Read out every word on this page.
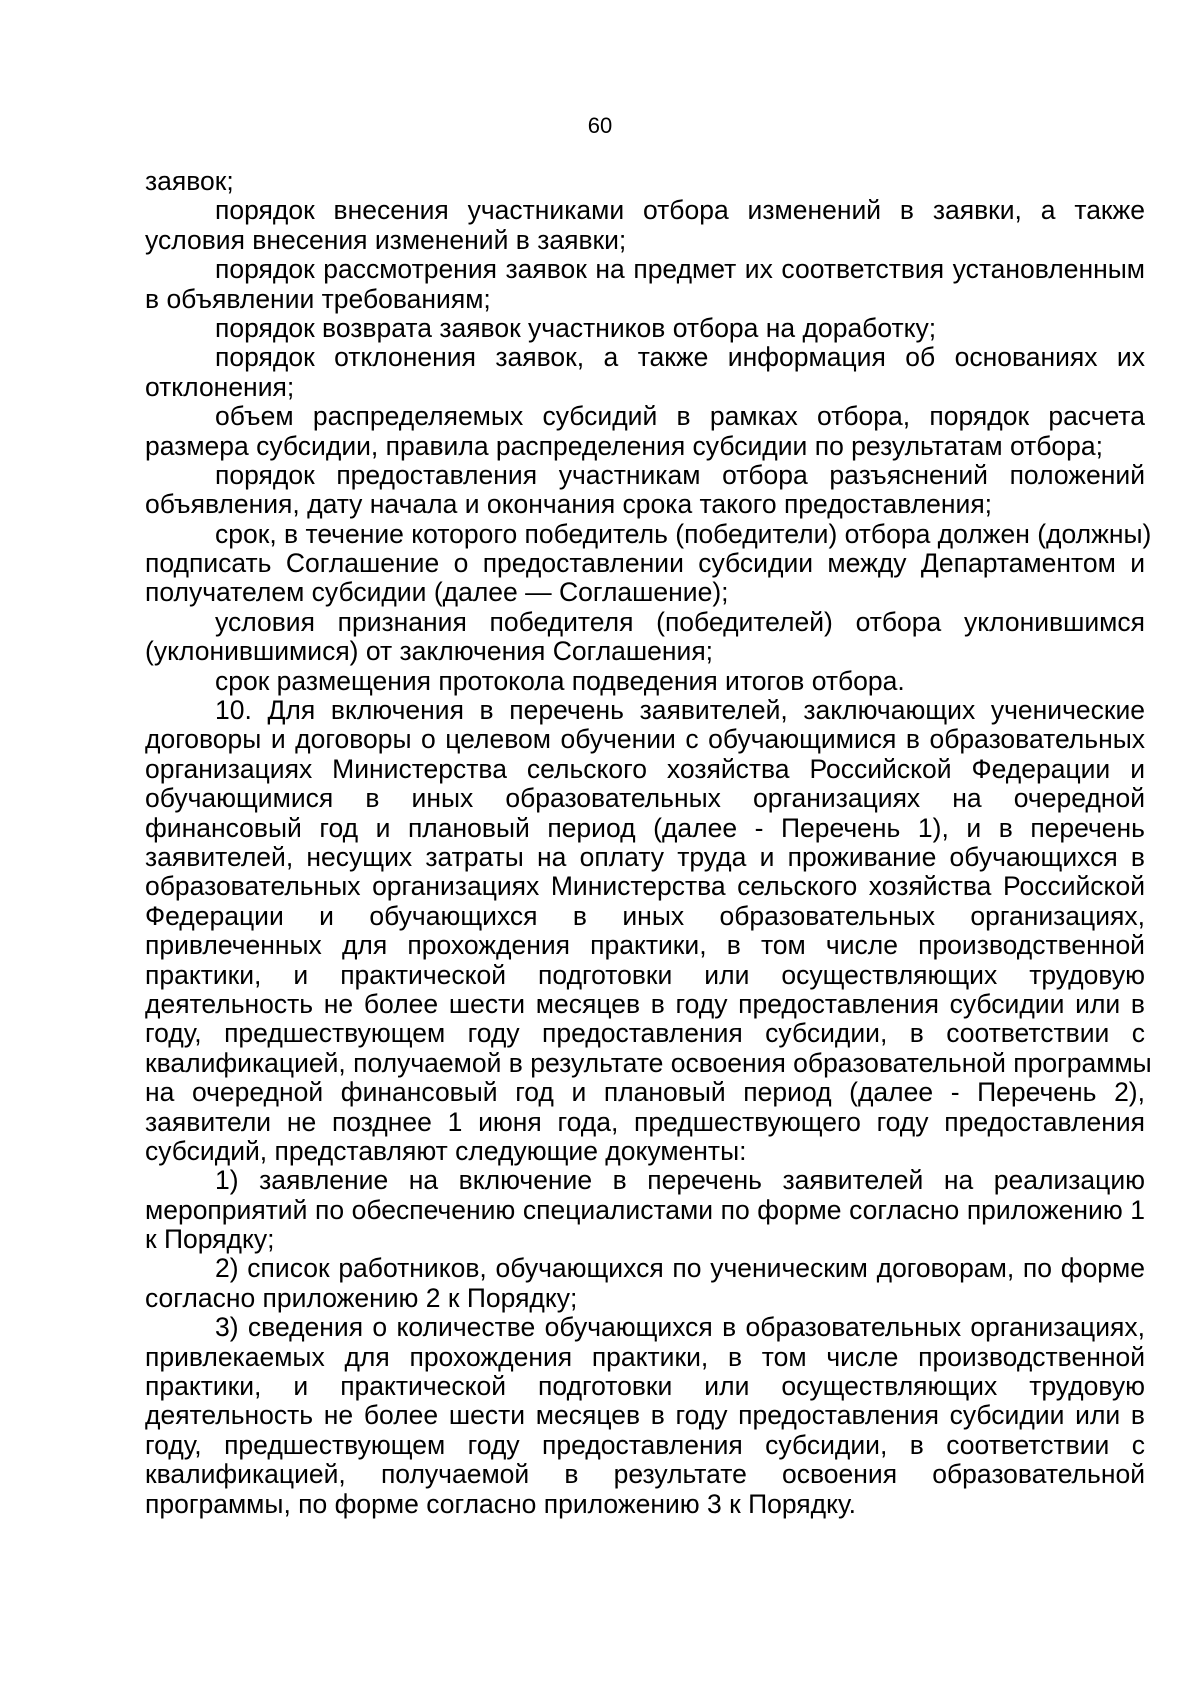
60
заявок;
порядок внесения участниками отбора изменений в заявки, а также
условия внесения изменений в заявки;
порядок рассмотрения заявок на предмет их соответствия установленным
в объявлении требованиям;
порядок возврата заявок участников отбора на доработку;
порядок отклонения заявок, а также информация об основаниях их
отклонения;
объем распределяемых субсидий в рамках отбора, порядок расчета
размера субсидии, правила распределения субсидии по результатам отбора;
порядок предоставления участникам отбора разъяснений положений
объявления, дату начала и окончания срока такого предоставления;
срок, в течение которого победитель (победители) отбора должен (должны)
подписать Соглашение о предоставлении субсидии между Департаментом и
получателем субсидии (далее — Соглашение);
условия признания победителя (победителей) отбора уклонившимся
(уклонившимися) от заключения Соглашения;
срок размещения протокола подведения итогов отбора.
10. Для включения в перечень заявителей, заключающих ученические
договоры и договоры о целевом обучении с обучающимися в образовательных
организациях Министерства сельского хозяйства Российской Федерации и
обучающимися в иных образовательных организациях на очередной
финансовый год и плановый период (далее - Перечень 1), и в перечень
заявителей, несущих затраты на оплату труда и проживание обучающихся в
образовательных организациях Министерства сельского хозяйства Российской
Федерации и обучающихся в иных образовательных организациях,
привлеченных для прохождения практики, в том числе производственной
практики, и практической подготовки или осуществляющих трудовую
деятельность не более шести месяцев в году предоставления субсидии или в
году, предшествующем году предоставления субсидии, в соответствии с
квалификацией, получаемой в результате освоения образовательной программы
на очередной финансовый год и плановый период (далее - Перечень 2),
заявители не позднее 1 июня года, предшествующего году предоставления
субсидий, представляют следующие документы:
1) заявление на включение в перечень заявителей на реализацию
мероприятий по обеспечению специалистами по форме согласно приложению 1
к Порядку;
2) список работников, обучающихся по ученическим договорам, по форме
согласно приложению 2 к Порядку;
3) сведения о количестве обучающихся в образовательных организациях,
привлекаемых для прохождения практики, в том числе производственной
практики, и практической подготовки или осуществляющих трудовую
деятельность не более шести месяцев в году предоставления субсидии или в
году, предшествующем году предоставления субсидии, в соответствии с
квалификацией, получаемой в результате освоения образовательной
программы, по форме согласно приложению 3 к Порядку.
